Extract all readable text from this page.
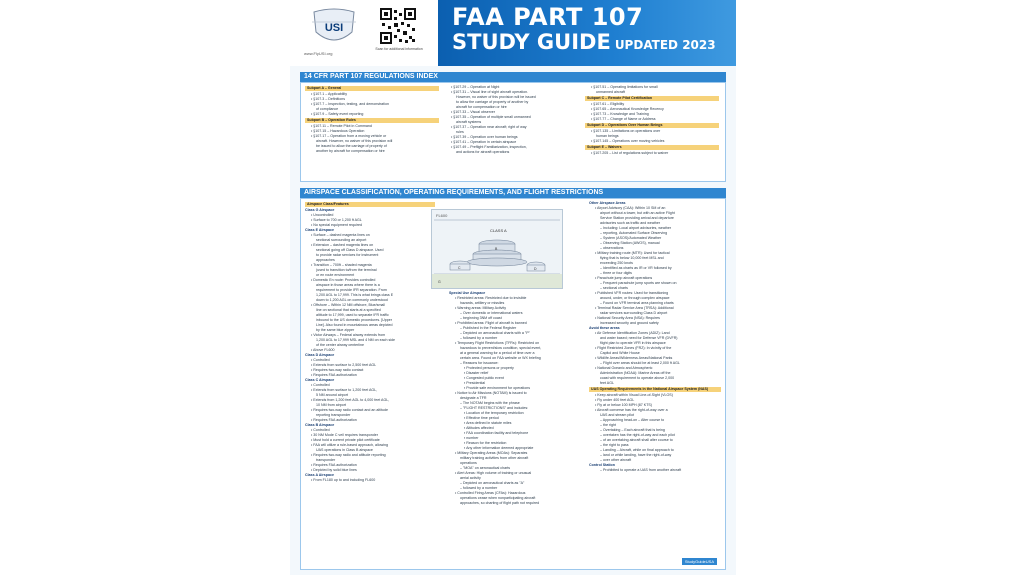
USI
www.FlyUSI.org
Scan for additional information
FAA PART 107
STUDY GUIDE UPDATED 2023
14 CFR PART 107 REGULATIONS INDEX
Subpart A – General
• §107.1 – Applicability
• §107.3 – Definitions
• §107.7 – Inspection, testing, and demonstration
of compliance
• §107.9 – Safety event reporting
Subpart B – Operation Rules
• §107.11 – Remote Pilot in Command
• §107.15 – Hazardous Operation
• §107.17 – Operation from a moving vehicle or
aircraft. However, no waiver of this provision will
be issued to allow the carriage of property of
another by aircraft for compensation or hire
• §107.29 – Operation at Night
• §107.31 – Visual line of sight aircraft operation.
However, no waiver of this provision will be issued
to allow the carriage of property of another by
aircraft for compensation or hire
• §107.33 – Visual observer
• §107.35 – Operation of multiple small unmanned
aircraft systems
• §107.37 – Operation near aircraft; right of way
rules
• §107.39 – Operation over human beings
• §107.41 – Operation in certain airspace
• §107.49 – Preflight Familiarization, inspection,
and actions for aircraft operations
• §107.51 – Operating limitations for small
unmanned aircraft
Subpart C – Remote Pilot Certification
• §107.61 – Eligibility
• §107.65 – Aeronautical Knowledge Recency
• §107.73 – Knowledge and Training
• §107.77 – Change of Name or Address
Subpart D – Operations Over Human Beings
• §107.135 – Limitations on operations over
human beings
• §107.145 – Operations over moving vehicles
Subpart E – Waivers
• §107.205 – List of regulations subject to waiver
AIRSPACE CLASSIFICATION, OPERATING REQUIREMENTS, AND FLIGHT RESTRICTIONS
Airspace Class/Features
Class G Airspace
• Uncontrolled
• Surface to 700 or 1,200 ft AGL
• No special equipment required
Class E Airspace
• Surface – dashed magenta lines on
sectional surrounding an airport
• Extension – dashed magenta lines on
sectional going off Class D airspace. Used
to provide radar services for instrument
approaches
• Transition – 700ft – shaded magenta
(used to transition to/from the terminal
or en route environment
• Domestic En route: Provides controlled
airspace in those areas where there is a
requirement to provide IFR separation. From
1,200 AGL to 17,999. This is what brings class E
down to 1,200 AGL on commonly understood
• Offshore – Within 12 NM offshore, Blue/small
line on sectional that starts at a specified
altitude to 17,999, used to separate IFR traffic
inbound to the US domestic procedures. [Upper
Line]. Also found in mountainous areas depicted
by the same blue zipper
• Victor Airways – Federal airway extends from
1,200 AGL to 17,999 MSL and 4 NM on each side
of the center airway centerline
• Above FL600
Class D Airspace
• Controlled
• Extends from surface to 2,500 feet AGL
• Requires two-way radio contact
• Requires FAA authorization
Class C Airspace
• Controlled
• Extends from surface to 1,200 feet AGL,
5 NM around airport
• Extends from 1,200 feet AGL to 4,000 feet AGL,
10 NM from airport
• Requires two-way radio contact and an altitude
reporting transponder
• Requires FAA authorization
Class B Airspace
• Controlled
• 30 NM Mode C veil requires transponder
• Must hold a current private pilot certificate
• FAA will utilize a rule-based approach, allowing
UAS operations in Class B airspace
• Requires two-way radio and altitude reporting
transponder
• Requires FAA authorization
• Depicted by solid blue lines
Class A Airspace
• From FL180 up to and including FL600
FL600
CLASS A
B
C	D
G
Special Use Airspace
• Restricted areas: Restricted due to invisible
hazards, artillery or missiles
• Warning areas: Military Activity
– Over domestic or international waters
– beginning 3NM off coast
• Prohibited areas: Flight of aircraft is banned
– Published in the Federal Register
– Depicted on aeronautical charts with a "P"
– followed by a number
• Temporary Flight Restrictions (TFRs): Restricted on
hazardous to prevent/slow condition, special event,
at a general warning for a period of time over a
certain area. Found on FAA website or WX briefing
– Reasons for issuance:
▪ Protected persons or property
▪ Disaster relief
▪ Congested public event
▪ Presidential
▪ Provide safe environment for operations
• Notice to Air Missions (NOTAM) is issued to
designate a TFR
– The NOTAM begins with the phrase
– "FLIGHT RESTRICTIONS" and includes:
▪ Location of the temporary restriction
▪ Effective time period
▪ Area defined in statute miles
▪ Altitudes affected
▪ FAA coordination facility and telephone
▪ number
▪ Reason for the restriction
▪ Any other information deemed appropriate
• Military Operating Areas (MOAs): Separates
military training activities from other aircraft
operations
– "MOA" on aeronautical charts
• Alert Areas: High volume of training or unusual
aerial activity
– Depicted on aeronautical charts as "A"
– followed by a number
• Controlled Firing Areas (CFAs): Hazardous
operations cease when nonparticipating aircraft
approaches, so charting of flight path not required
Other Airspace Areas
• Airport Advisory (CAA): Within 10 SM of an
airport without a tower, but with an active Flight
Service Station providing arrival and departure
advisories such as traffic and weather
– Including: Local airport advisories, weather
– reporting, Automated Surface Observing
– System (ASOS)/Automated Weather
– Observing Station (AWOS), manual
– observations
• Military training route (MTR): Used for tactical
flying that is below 10,000 feet MSL and
exceeding 250 knots
– Identified as charts as IR or VR followed by
– three or four digits
• Parachute jump aircraft operations
– Frequent parachute jump sports are shown on
– sectional charts
• Published VFR routes: Used for transitioning
around, under, or through complex airspace
– Found on VFR terminal area planning charts
• Terminal Radar Service Area (TRSA): Additional
radar services surrounding Class D airport
• National Security Area (NSA): Requires
increased security and ground safety
Avoid these areas
• Air Defense Identification Zones (ADIZ): Land
and water based; need for Defense VFR (DVFR)
flight plan to operate VFR in this airspace
• Flight Restricted Zones (FRZ): In vicinity of the
Capitol and White House
• Wildlife Areas/Wilderness Areas/National Parks
– Flight over areas should be at least 2,000 ft AGL
• National Oceanic and Atmospheric
Administration (NOAA): Marine Areas off the
coast with requirement to operate above 2,000
feet AGL
UAS Operating Requirements in the National Airspace System (NAS)
• Keep aircraft within Visual Line-of-Sight (VLOS)
• Fly under 400 feet AGL
• Fly at or below 100 MPH (87 KTS)
• Aircraft converse has the right-of-way over a
UAS and stream pilot
– Approaching head-on – Alter course to
– the right
– Overtaking – Each aircraft that is being
– overtaken has the right-of-way and each pilot
– of an overtaking aircraft shall alter course to
– the right to pass
– Landing – Aircraft, while on final approach to
– land or while landing, have the right-of-way
– over other aircraft
Control Station
– Prohibited to operate a UAS from another aircraft
StudyGuideUSA
